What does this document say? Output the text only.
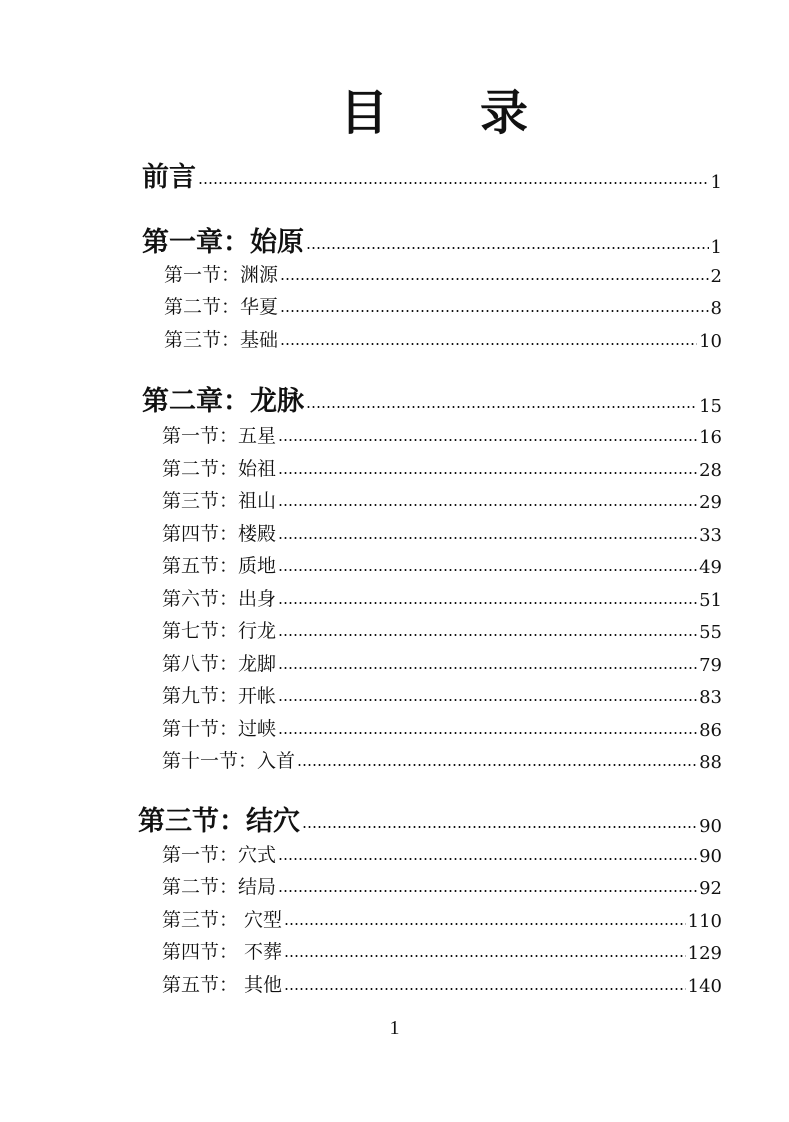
目 录
前言	1
第一章：始原	1
第一节：渊源	2
第二节：华夏	8
第三节：基础	10
第二章：龙脉	15
第一节：五星	16
第二节：始祖	28
第三节：祖山	29
第四节：楼殿	33
第五节：质地	49
第六节：出身	51
第七节：行龙	55
第八节：龙脚	79
第九节：开帐	83
第十节：过峡	86
第十一节：入首	88
第三节：结穴	90
第一节：穴式	90
第二节：结局	92
第三节： 穴型	110
第四节： 不葬	129
第五节： 其他	140
1
